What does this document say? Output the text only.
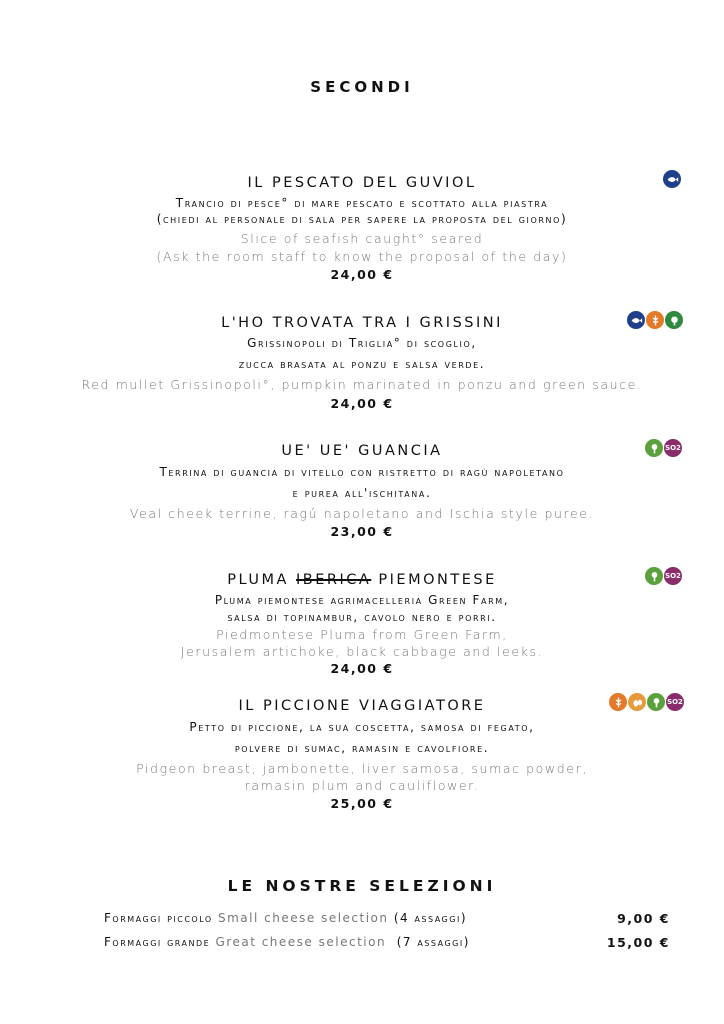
SECONDI
IL PESCATO DEL GUVIOL
Trancio di pesce° di mare pescato e scottato alla piastra
(chiedi al personale di sala per sapere la proposta del giorno)
Slice of seafish caught° seared
(Ask the room staff to know the proposal of the day)
24,00 €
L'HO TROVATA TRA I GRISSINI
Grissinopoli di Triglia° di scoglio,
zucca brasata al ponzu e salsa verde.
Red mullet Grissinopoli°, pumpkin marinated in ponzu and green sauce.
24,00 €
UE' UE' GUANCIA
Terrina di guancia di vitello con ristretto di ragù napoletano
e purea all'ischitana.
Veal cheek terrine, ragú napoletano and Ischia style puree.
23,00 €
SO2
PLUMA IBERICA PIEMONTESE
Pluma piemontese agrimacelleria Green Farm,
salsa di topinambur, cavolo nero e porri.
Piedmontese Pluma from Green Farm,
Jerusalem artichoke, black cabbage and leeks.
24,00 €
SO2
IL PICCIONE VIAGGIATORE
Petto di piccione, la sua coscetta, samosa di fegato,
polvere di sumac, ramasin e cavolfiore.
Pidgeon breast, jambonette, liver samosa, sumac powder,
ramasin plum and cauliflower.
25,00 €
SO2
LE NOSTRE SELEZIONI
Formaggi piccolo Small cheese selection (4 assaggi)	9,00 €
Formaggi grande Great cheese selection  (7 assaggi)	15,00 €
